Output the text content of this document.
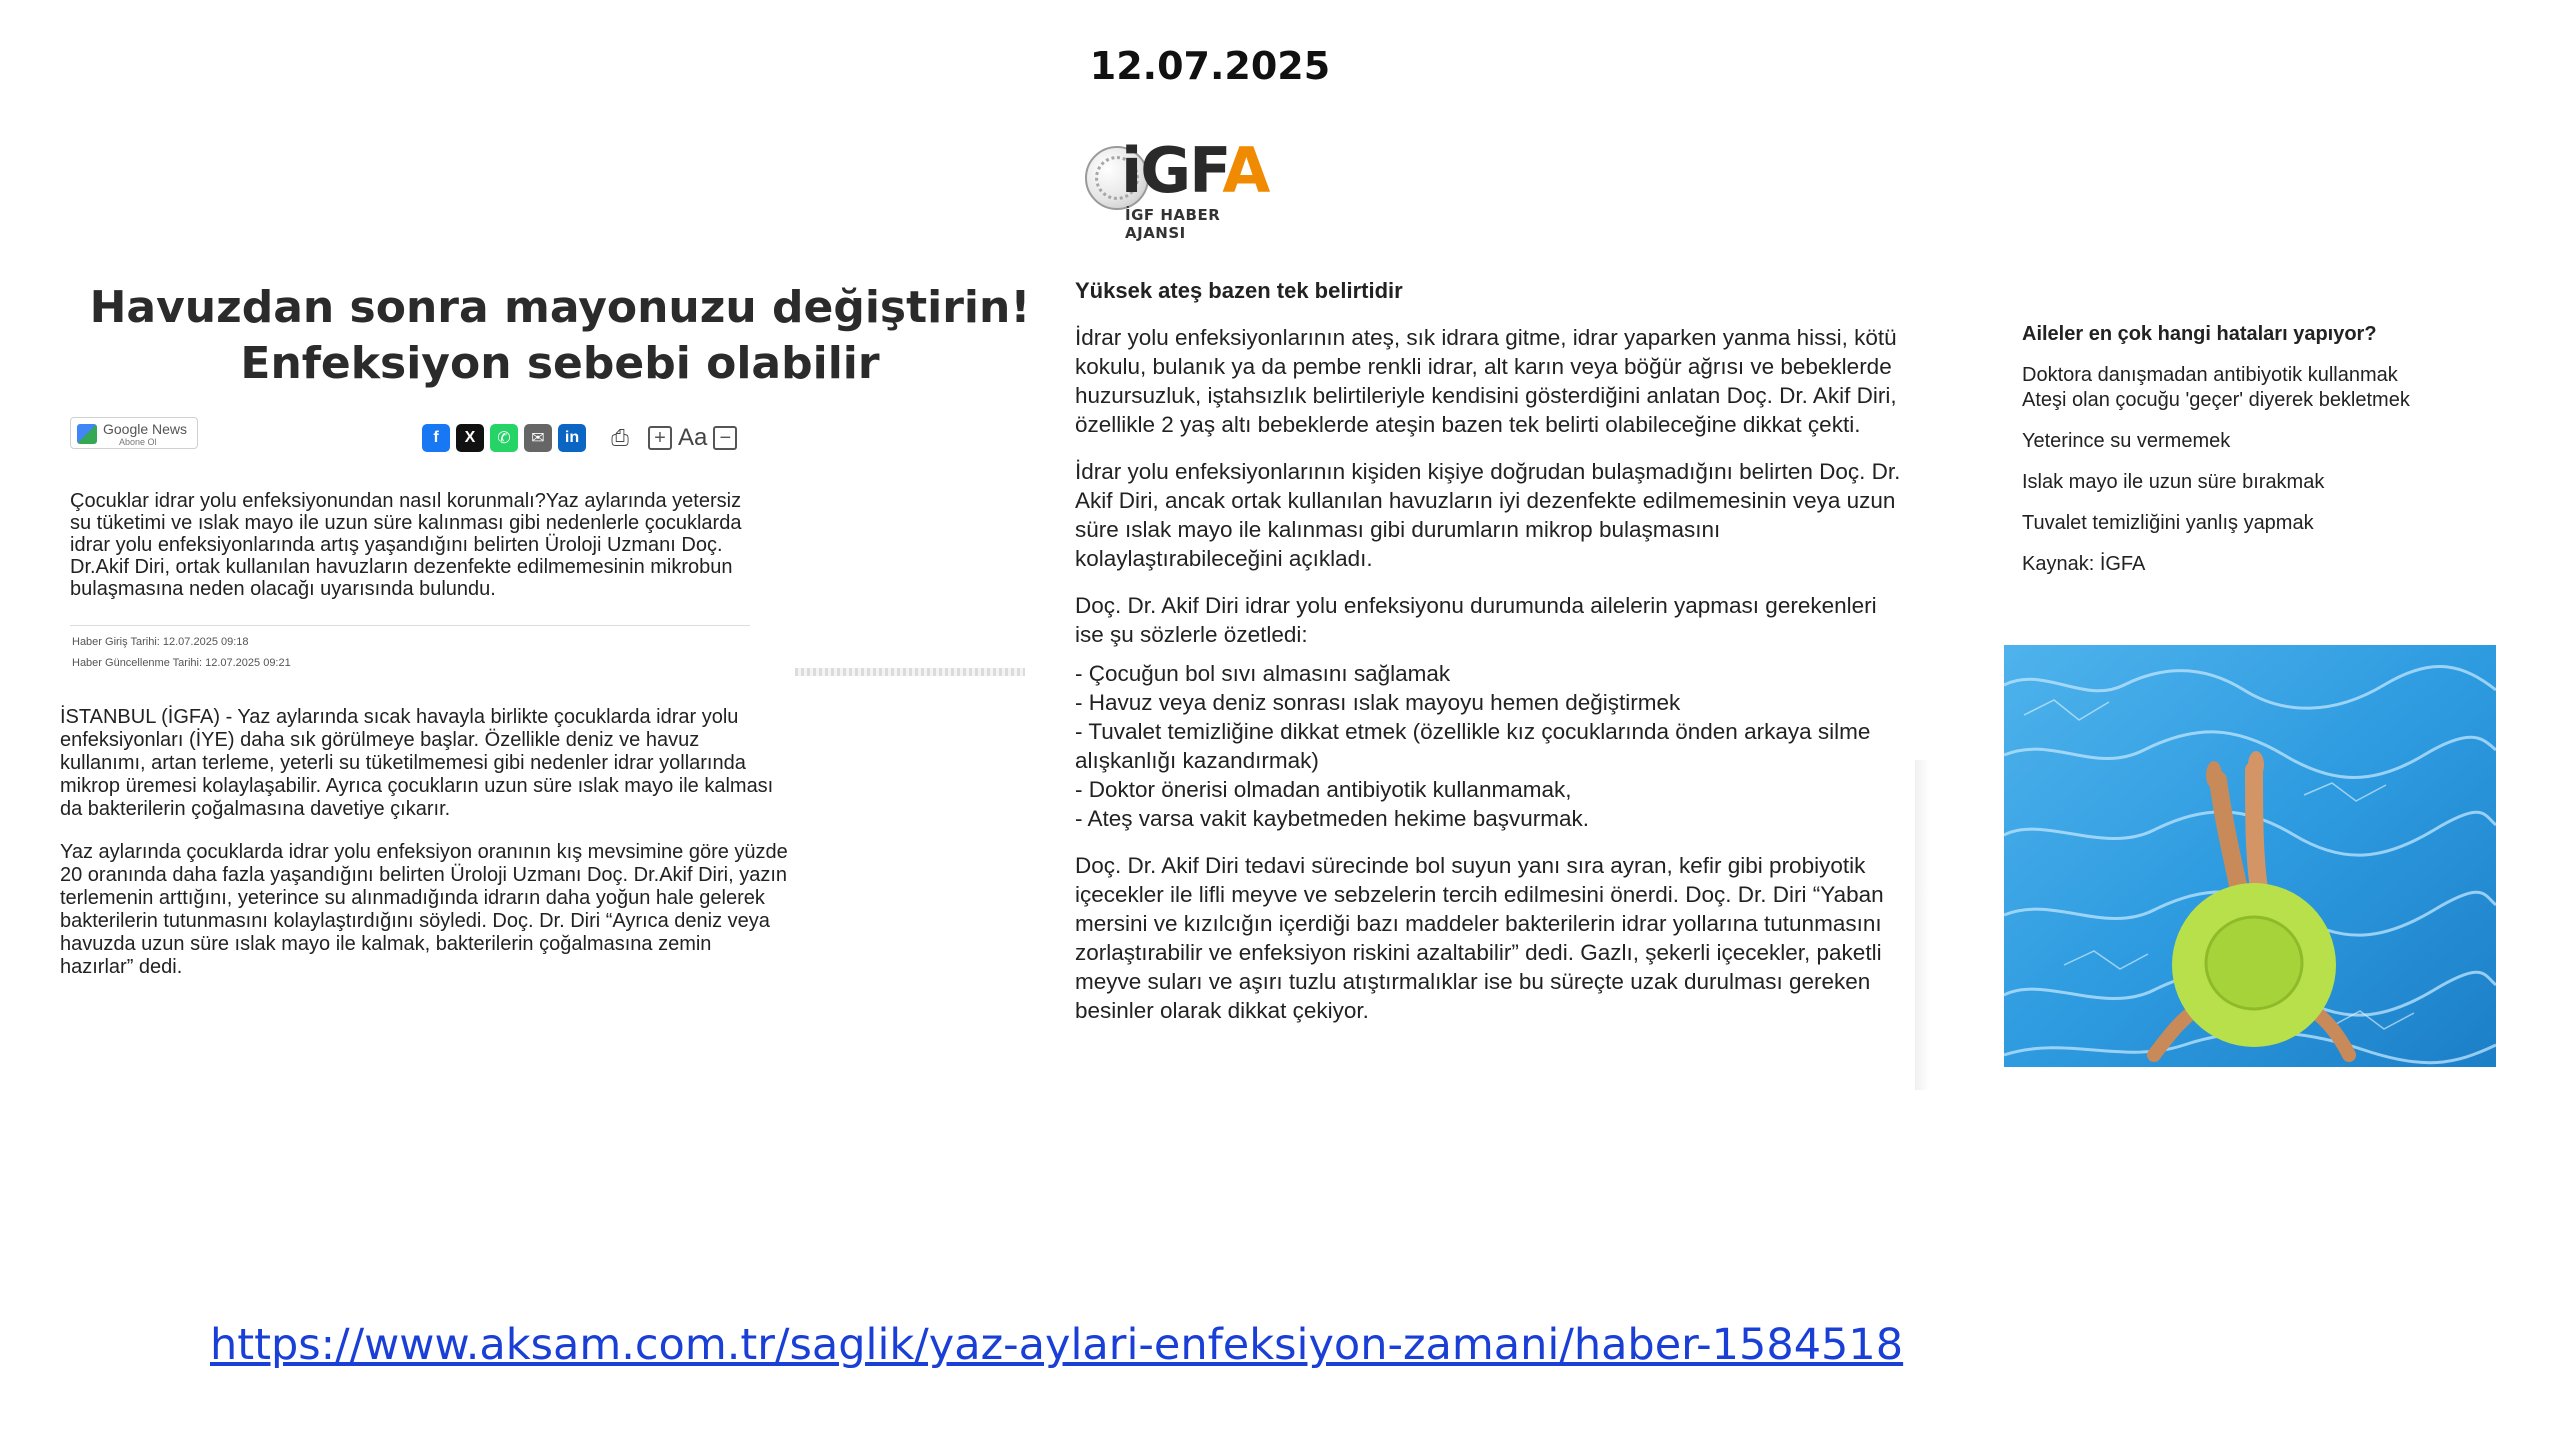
12.07.2025
iGFA
İGF HABER AJANSI
Havuzdan sonra mayonuzu değiştirin!
Enfeksiyon sebebi olabilir
Google News
Abone Ol	f	X	✆	✉	in	⎙	+ Aa −
Çocuklar idrar yolu enfeksiyonundan nasıl korunmalı?Yaz aylarında yetersiz su tüketimi ve ıslak mayo ile uzun süre kalınması gibi nedenlerle çocuklarda idrar yolu enfeksiyonlarında artış yaşandığını belirten Üroloji Uzmanı Doç. Dr.Akif Diri, ortak kullanılan havuzların dezenfekte edilmemesinin mikrobun bulaşmasına neden olacağı uyarısında bulundu.
Haber Giriş Tarihi: 12.07.2025 09:18
Haber Güncellenme Tarihi: 12.07.2025 09:21

İSTANBUL (İGFA) - Yaz aylarında sıcak havayla birlikte çocuklarda idrar yolu enfeksiyonları (İYE) daha sık görülmeye başlar. Özellikle deniz ve havuz kullanımı, artan terleme, yeterli su tüketilmemesi gibi nedenler idrar yollarında mikrop üremesi kolaylaşabilir. Ayrıca çocukların uzun süre ıslak mayo ile kalması da bakterilerin çoğalmasına davetiye çıkarır.

Yaz aylarında çocuklarda idrar yolu enfeksiyon oranının kış mevsimine göre yüzde 20 oranında daha fazla yaşandığını belirten Üroloji Uzmanı Doç. Dr.Akif Diri, yazın terlemenin arttığını, yeterince su alınmadığında idrarın daha yoğun hale gelerek bakterilerin tutunmasını kolaylaştırdığını söyledi. Doç. Dr. Diri “Ayrıca deniz veya havuzda uzun süre ıslak mayo ile kalmak, bakterilerin çoğalmasına zemin hazırlar” dedi.

Yüksek ateş bazen tek belirtidir

İdrar yolu enfeksiyonlarının ateş, sık idrara gitme, idrar yaparken yanma hissi, kötü kokulu, bulanık ya da pembe renkli idrar, alt karın veya böğür ağrısı ve bebeklerde huzursuzluk, iştahsızlık belirtileriyle kendisini gösterdiğini anlatan Doç. Dr. Akif Diri, özellikle 2 yaş altı bebeklerde ateşin bazen tek belirti olabileceğine dikkat çekti.

İdrar yolu enfeksiyonlarının kişiden kişiye doğrudan bulaşmadığını belirten Doç. Dr. Akif Diri, ancak ortak kullanılan havuzların iyi dezenfekte edilmemesinin veya uzun süre ıslak mayo ile kalınması gibi durumların mikrop bulaşmasını kolaylaştırabileceğini açıkladı.

Doç. Dr. Akif Diri idrar yolu enfeksiyonu durumunda ailelerin yapması gerekenleri ise şu sözlerle özetledi:

- Çocuğun bol sıvı almasını sağlamak
- Havuz veya deniz sonrası ıslak mayoyu hemen değiştirmek
- Tuvalet temizliğine dikkat etmek (özellikle kız çocuklarında önden arkaya silme alışkanlığı kazandırmak)
- Doktor önerisi olmadan antibiyotik kullanmamak,
- Ateş varsa vakit kaybetmeden hekime başvurmak.

Doç. Dr. Akif Diri tedavi sürecinde bol suyun yanı sıra ayran, kefir gibi probiyotik içecekler ile lifli meyve ve sebzelerin tercih edilmesini önerdi. Doç. Dr. Diri “Yaban mersini ve kızılcığın içerdiği bazı maddeler bakterilerin idrar yollarına tutunmasını zorlaştırabilir ve enfeksiyon riskini azaltabilir” dedi. Gazlı, şekerli içecekler, paketli meyve suları ve aşırı tuzlu atıştırmalıklar ise bu süreçte uzak durulması gereken besinler olarak dikkat çekiyor.

Aileler en çok hangi hataları yapıyor?
Doktora danışmadan antibiyotik kullanmak

Ateşi olan çocuğu 'geçer' diyerek bekletmek

Yeterince su vermemek

Islak mayo ile uzun süre bırakmak

Tuvalet temizliğini yanlış yapmak

Kaynak: İGFA

https://www.aksam.com.tr/saglik/yaz-aylari-enfeksiyon-zamani/haber-1584518
